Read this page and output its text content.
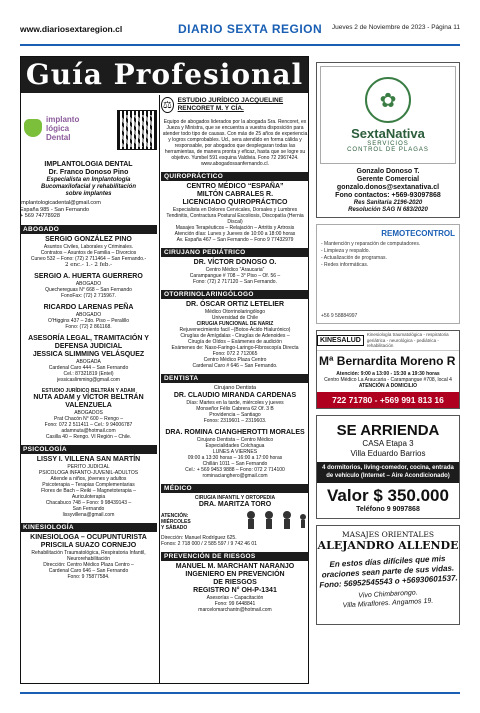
www.diariosextaregion.cl	DIARIO SEXTA REGION Jueves 2 de Noviembre de 2023 - Página 11
Guía Profesional
implanto lógica Dental
IMPLANTOLOGIA DENTAL
Dr. Franco Donoso Pino
Especialista en Implantología
Bucomaxilofacial y rehabilitación
sobre implantes
implantologicadental@gmail.com
España 985 - San Fernando
+ 569 74778928
ABOGADO
SERGIO GONZÁLEZ PINO
Asuntos Civiles, Laborales y Criminales.
Contratos – Asuntos de Familia – Divorcios
Cuneo 532 – Fono: (72) 2 711464 – San Fernando.-
2 enc.- 1.- 2 feb.-
SERGIO A. HUERTA GUERRERO
ABOGADO
Quechereguas N° 668 – San Fernando
FonoFax: (72) 2 715967.
RICARDO LARENAS PEÑA
ABOGADO
O'Higgins 437 – 2do. Piso – Peralillo
Fono: (72) 2 861168.
ASESORÍA LEGAL, TRAMITACIÓN Y DEFENSA JUDICIAL
JESSICA SLIMMING VELÁSQUEZ
ABOGADA
Cardenal Caro 444 – San Fernando
Cel.: 87321819 (Entel)
jessicaslimming@gmail.com
ESTUDIO JURÍDICO BELTRÁN Y ADAM
NUTA ADAM y VÍCTOR BELTRÁN VALENZUELA
ABOGADOS
Prat Chacón N° 600 – Rengo –
Fono: 072 2 511411 – Cel.: 9 94006787
adamnuta@hotmail.com
Casilla 40 – Rengo. VI Región – Chile.
PSICOLOGÍA
LISSY I. VILLENA SAN MARTÍN
PERITO JUDICIAL
PSICOLOGA INFANTO-JUVENIL-ADULTOS
Atiende a niños, jóvenes y adultos
Psicoterapia – Terapias Complementarias
Flores de Bach – Reiki – Magnetoterapia –
Auriculoterapia
Chacabuco 748 – Fono: 9 98439143 –
San Fernando
lissyvillena@gmail.com
KINESIOLOGÍA
KINESIOLOGA – OCUPUNTURISTA
PRISCILA SUAZO CORNEJO
Rehabilitación Traumatológica, Respiratoria Infantil,
Neurorehabilitación
Dirección: Centro Médico Plaza Centro –
Cardenal Caro 646 – San Fernando
Fono: 9 75877584.
⚖ ESTUDIO JURÍDICO JACQUELINE RENCORET M. Y CÍA.
Equipo de abogados liderados por la abogada Sra. Rencoret, ex Jueza y Ministra, que se encuentra a vuestra disposición para atender todo tipo de causas. Con más de 25 años de experiencia y logros comprobables. Ud., sera atendido en forma cálida y responsable, por abogados que desplegaran todas las herramientas, de manera pronta y eficaz, hasta que se logre su objetivo. Yumbel 591 esquina Valdivia. Fono 72 2967424. www.abogadossanfernando.cl.
QUIROPRÁCTICO
CENTRO MÉDICO “ESPAÑA”
MILTÓN CABRALES R.
LICENCIADO QUIROPRÁCTICO
Especialista en Dolores Cervicales, Dorsales y Lumbres
Tendinitis, Contractura Postural Escoliosis, Discopatía (Hernia Discal)
Masajes Terapéuticos – Relajación – Artritis y Artrosis
Atención días: Lunes y Jueves de 10:00 a 18:00 horas
Av. España 467 – San Fernando – Fono 9 77432979
CIRUJANO PEDIÁTRICO
DR. VÍCTOR DONOSO O.
Centro Médico “Araucaria”
Carampangue # 708 – 3° Piso – Of. 56 –
Fono: (72) 2 717120 – San Fernando.
OTORRINOLARINGÓLOGO
DR. ÓSCAR ORTIZ LETELIER
Médico Otorrinolaringólogo
Universidad de Chile
CIRUGIA FUNCIONAL DE NARIZ
Rejuvenecimiento facil –(Botox-Ácido Hialurónico)
Cirugías de Amígdalas - Cirugías de Adenoides –
Cirugía de Oídos – Exámenes de audición
Exámenes de: Naso-Faringo-Laringo-Fibroscopía Directa
Fono: 072 2 712065
Centro Médico Plaza Centro
Cardenal Caro # 646 – San Fernando.
DENTISTA
Cirujano Dentista
DR. CLAUDIO MIRANDA CARDENAS
Días: Martes en la tarde, miércoles y jueves
Monseñor Félix Cabrera 62 Of. 3 B
Providencia – Santiago
Fonos: 2319601 – 2319603.
DRA. ROMINA CIANGHEROTTI MORALES
Cirujano Dentista – Centro Médico
Especialidades Colchagua
LUNES A VIERNES
09:00 a 13:30 horas – 16:00 a 17:00 horas
Chillán 1011 – San Fernando
Cel.: + 569 9453 9888 – Fono: 072 2 714100
rominacianghero@gmail.com
MÉDICO
CIRUGIA INFANTIL Y ORTOPEDIA
DRA. MARITZA TORO
ATENCIÓN:
MIÉRCOLES
Y SÁBADO
Dirección: Manuel Rodríguez 625.
Fonos: 2 718 000 / 2 585 597 / 9 742 46 01
PREVENCIÓN DE RIESGOS
MANUEL M. MARCHANT NARANJO
INGENIERO EN PREVENCIÓN
DE RIESGOS
REGISTRO N° OH-P-1341
Asesorías – Capacitación
Fono: 99 6448841
marcelomarchantn@hotmail.com
✿
SextaNativa
SERVICIOS
CONTROL DE PLAGAS
Gonzalo Donoso T.
Gerente Comercial
gonzalo.donos@sextanativa.cl
Fono contactos: +569-93097868
Res Sanitaria 2196-2020
Resolución SAG N 683/2020
REMOTECONTROL
- Mantención y reparación de computadores.
- Limpieza y respaldo.
- Actualización de programas.
- Redes informáticas.
+56 9 58884997
KINESALUD
Kinesiología traumatológica - respiratoria geriátrica - neurológica - pediátrica - rehabilitación
Mª Bernardita Moreno R
Atención: 9:00 a 13:00 - 15:30 a 19:30 horas
Centro Médico La Araucaria - Carampangue #708, local 4
ATENCIÓN A DOMICILIO
722 71780 - +569 991 813 16
SE ARRIENDA
CASA Etapa 3
Villa Eduardo Barrios
4 dormitorios, living-comedor, cocina, entrada de vehículo (Internet – Aire Acondicionado)
Valor $ 350.000
Teléfono 9 9097868
MASAJES ORIENTALES
ALEJANDRO ALLENDE
En estos días difíciles que mis oraciones sean parte de sus vidas. Fono: 56952545543 o +56930601537.
Vivo Chimbarongo.
Villa Miraflores. Angamos 19.
